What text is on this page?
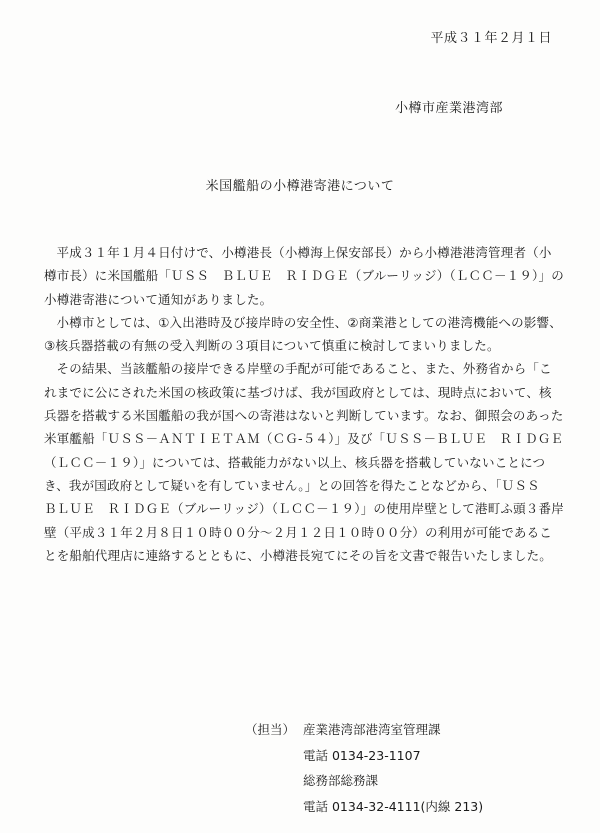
平成３１年２月１日
小樽市産業港湾部
米国艦船の小樽港寄港について

平成３１年１月４日付けで、小樽港長（小樽海上保安部長）から小樽港港湾管理者（小樽市長）に米国艦船「ＵＳＳ　ＢＬＵＥ　ＲＩＤＧＥ（ブルーリッジ）（ＬＣＣ－１９）」の小樽港寄港について通知がありました。

小樽市としては、①入出港時及び接岸時の安全性、②商業港としての港湾機能への影響、③核兵器搭載の有無の受入判断の３項目について慎重に検討してまいりました。

その結果、当該艦船の接岸できる岸壁の手配が可能であること、また、外務省から「これまでに公にされた米国の核政策に基づけば、我が国政府としては、現時点において、核兵器を搭載する米国艦船の我が国への寄港はないと判断しています。なお、御照会のあった米軍艦船「ＵＳＳ－ＡＮＴＩＥＴＡＭ（ＣＧ-５４）」及び「ＵＳＳ－ＢＬＵＥ　ＲＩＤＧＥ（ＬＣＣ－１９）」については、搭載能力がない以上、核兵器を搭載していないことにつき、我が国政府として疑いを有していません。」との回答を得たことなどから、「ＵＳＳ　ＢＬＵＥ　ＲＩＤＧＥ（ブルーリッジ）（ＬＣＣ－１９）」の使用岸壁として港町ふ頭３番岸壁（平成３１年２月８日１０時００分～２月１２日１０時００分）の利用が可能であることを船舶代理店に連絡するとともに、小樽港長宛てにその旨を文書で報告いたしました。

（担当） 産業港湾部港湾室管理課
電話 0134-23-1107
総務部総務課
電話 0134-32-4111(内線 213)
